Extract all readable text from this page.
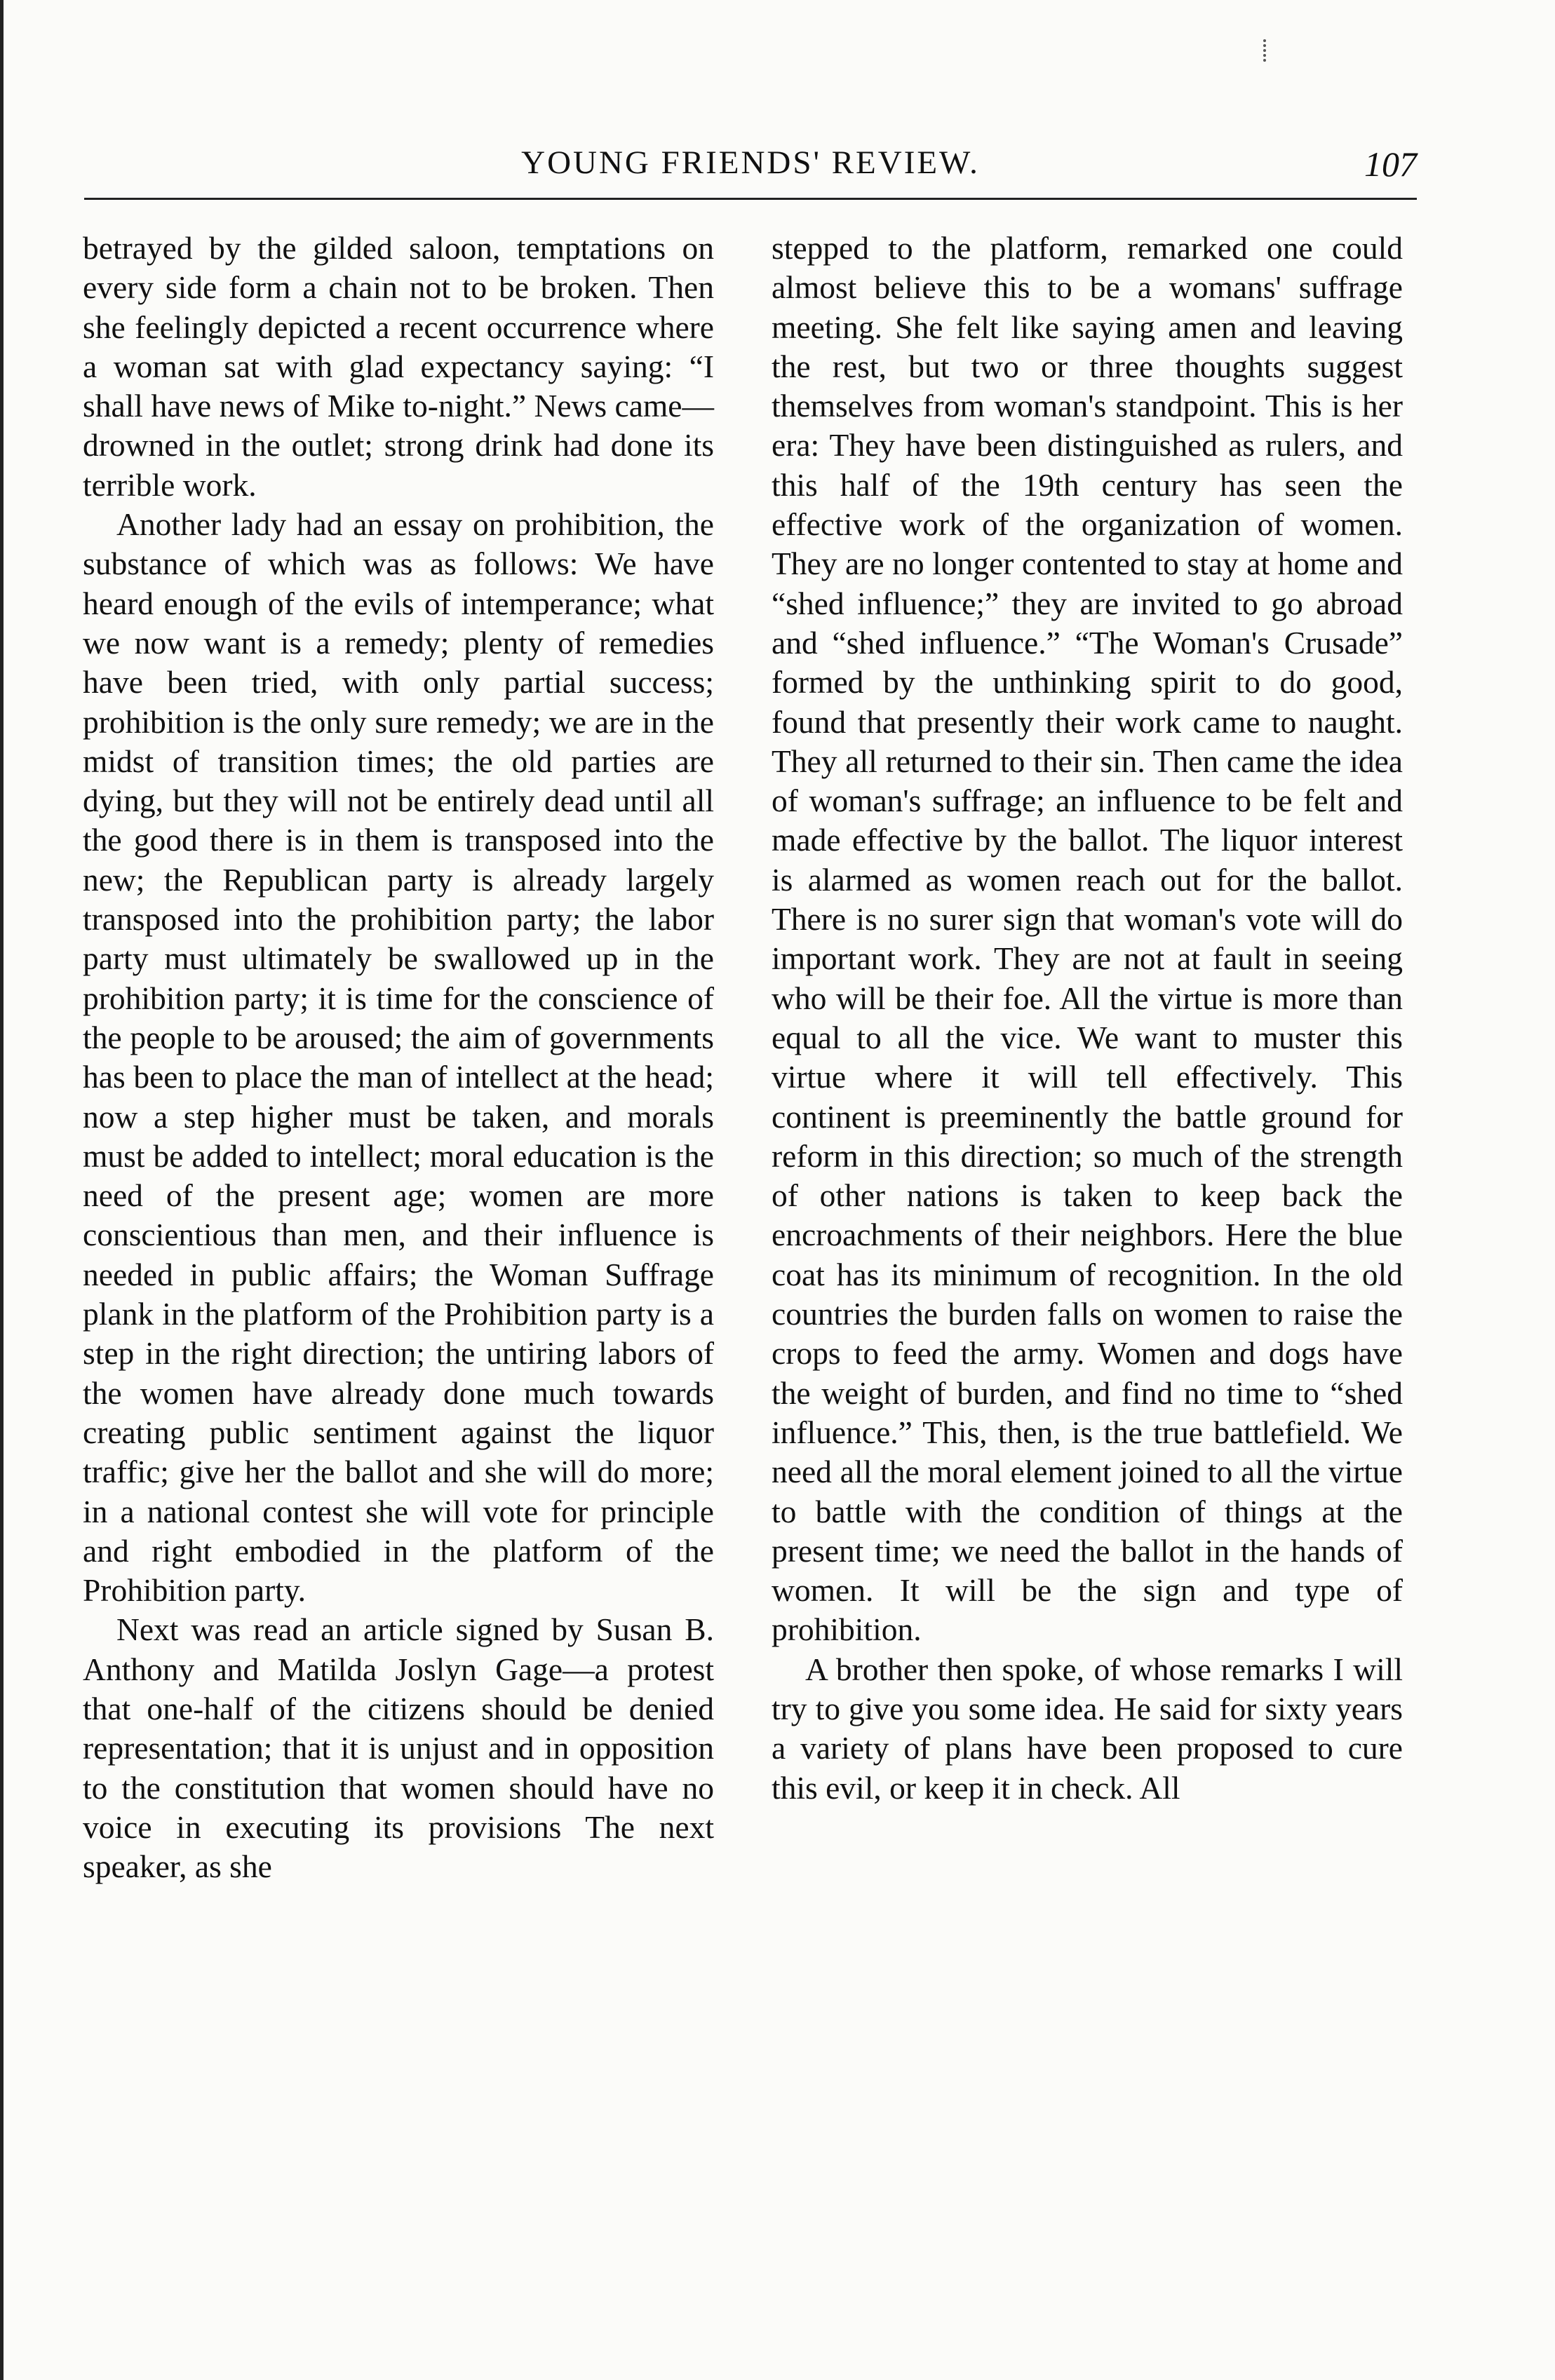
YOUNG FRIENDS' REVIEW.	107

betrayed by the gilded saloon, temptations on every side form a chain not to be broken. Then she feelingly depicted a recent occurrence where a woman sat with glad expectancy saying: “I shall have news of Mike to-night.” News came—drowned in the outlet; strong drink had done its terrible work.

Another lady had an essay on prohibition, the substance of which was as follows: We have heard enough of the evils of intemperance; what we now want is a remedy; plenty of remedies have been tried, with only partial success; prohibition is the only sure remedy; we are in the midst of transition times; the old parties are dying, but they will not be entirely dead until all the good there is in them is transposed into the new; the Republican party is already largely transposed into the prohibition party; the labor party must ultimately be swallowed up in the prohibition party; it is time for the conscience of the people to be aroused; the aim of governments has been to place the man of intellect at the head; now a step higher must be taken, and morals must be added to intellect; moral education is the need of the present age; women are more conscientious than men, and their influence is needed in public affairs; the Woman Suffrage plank in the platform of the Prohibition party is a step in the right direction; the untiring labors of the women have already done much towards creating public sentiment against the liquor traffic; give her the ballot and she will do more; in a national contest she will vote for principle and right embodied in the platform of the Prohibition party.

Next was read an article signed by Susan B. Anthony and Matilda Joslyn Gage—a protest that one-half of the citizens should be denied representation; that it is unjust and in opposition to the constitution that women should have no voice in executing its provisions The next speaker, as she

stepped to the platform, remarked one could almost believe this to be a womans' suffrage meeting. She felt like saying amen and leaving the rest, but two or three thoughts suggest themselves from woman's standpoint. This is her era: They have been distinguished as rulers, and this half of the 19th century has seen the effective work of the organization of women. They are no longer contented to stay at home and “shed influence;” they are invited to go abroad and “shed influence.” “The Woman's Crusade” formed by the unthinking spirit to do good, found that presently their work came to naught. They all returned to their sin. Then came the idea of woman's suffrage; an influence to be felt and made effective by the ballot. The liquor interest is alarmed as women reach out for the ballot. There is no surer sign that woman's vote will do important work. They are not at fault in seeing who will be their foe. All the virtue is more than equal to all the vice. We want to muster this virtue where it will tell effectively. This continent is preeminently the battle ground for reform in this direction; so much of the strength of other nations is taken to keep back the encroachments of their neighbors. Here the blue coat has its minimum of recognition. In the old countries the burden falls on women to raise the crops to feed the army. Women and dogs have the weight of burden, and find no time to “shed influence.” This, then, is the true battlefield. We need all the moral element joined to all the virtue to battle with the condition of things at the present time; we need the ballot in the hands of women. It will be the sign and type of prohibition.

A brother then spoke, of whose remarks I will try to give you some idea. He said for sixty years a variety of plans have been proposed to cure this evil, or keep it in check. All
